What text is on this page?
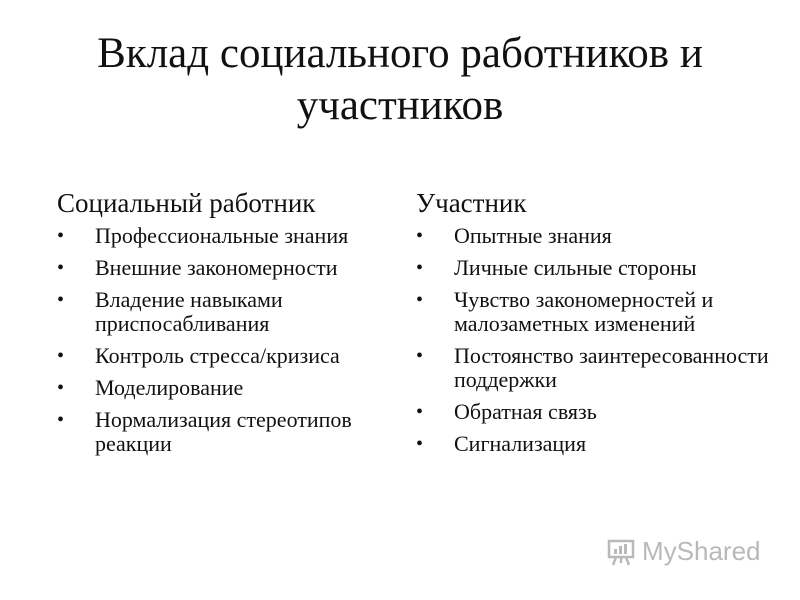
Вклад социального работников и участников
Социальный работник
• Профессиональные знания
• Внешние закономерности
• Владение навыками приспосабливания
• Контроль стресса/кризиса
• Моделирование
• Нормализация стереотипов реакции
Участник
• Опытные знания
• Личные сильные стороны
• Чувство закономерностей и малозаметных изменений
• Постоянство заинтересованности поддержки
• Обратная связь
• Сигнализация
MyShared
